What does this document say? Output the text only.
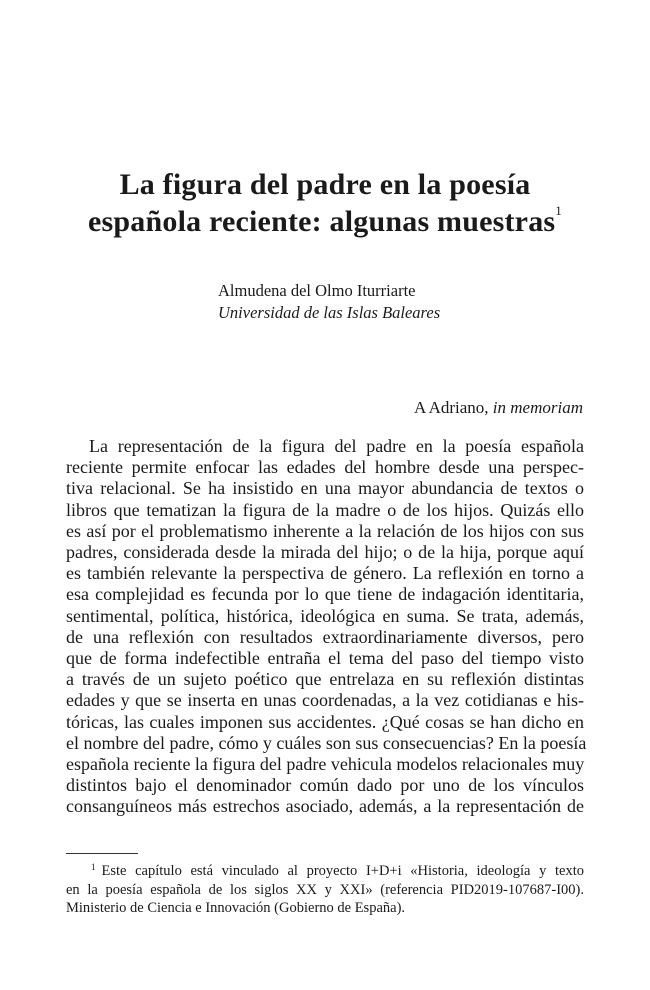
La figura del padre en la poesía
española reciente: algunas muestras$^1$
Almudena del Olmo Iturriarte
Universidad de las Islas Baleares
A Adriano, in memoriam
La representación de la figura del padre en la poesía española
reciente permite enfocar las edades del hombre desde una perspec-
tiva relacional. Se ha insistido en una mayor abundancia de textos o
libros que tematizan la figura de la madre o de los hijos. Quizás ello
es así por el problematismo inherente a la relación de los hijos con sus
padres, considerada desde la mirada del hijo; o de la hija, porque aquí
es también relevante la perspectiva de género. La reflexión en torno a
esa complejidad es fecunda por lo que tiene de indagación identitaria,
sentimental, política, histórica, ideológica en suma. Se trata, además,
de una reflexión con resultados extraordinariamente diversos, pero
que de forma indefectible entraña el tema del paso del tiempo visto
a través de un sujeto poético que entrelaza en su reflexión distintas
edades y que se inserta en unas coordenadas, a la vez cotidianas e his-
tóricas, las cuales imponen sus accidentes. ¿Qué cosas se han dicho en
el nombre del padre, cómo y cuáles son sus consecuencias? En la poesía
española reciente la figura del padre vehicula modelos relacionales muy
distintos bajo el denominador común dado por uno de los vínculos
consanguíneos más estrechos asociado, además, a la representación de
$^1$ Este capítulo está vinculado al proyecto I+D+i «Historia, ideología y texto
en la poesía española de los siglos XX y XXI» (referencia PID2019-107687-I00).
Ministerio de Ciencia e Innovación (Gobierno de España).
